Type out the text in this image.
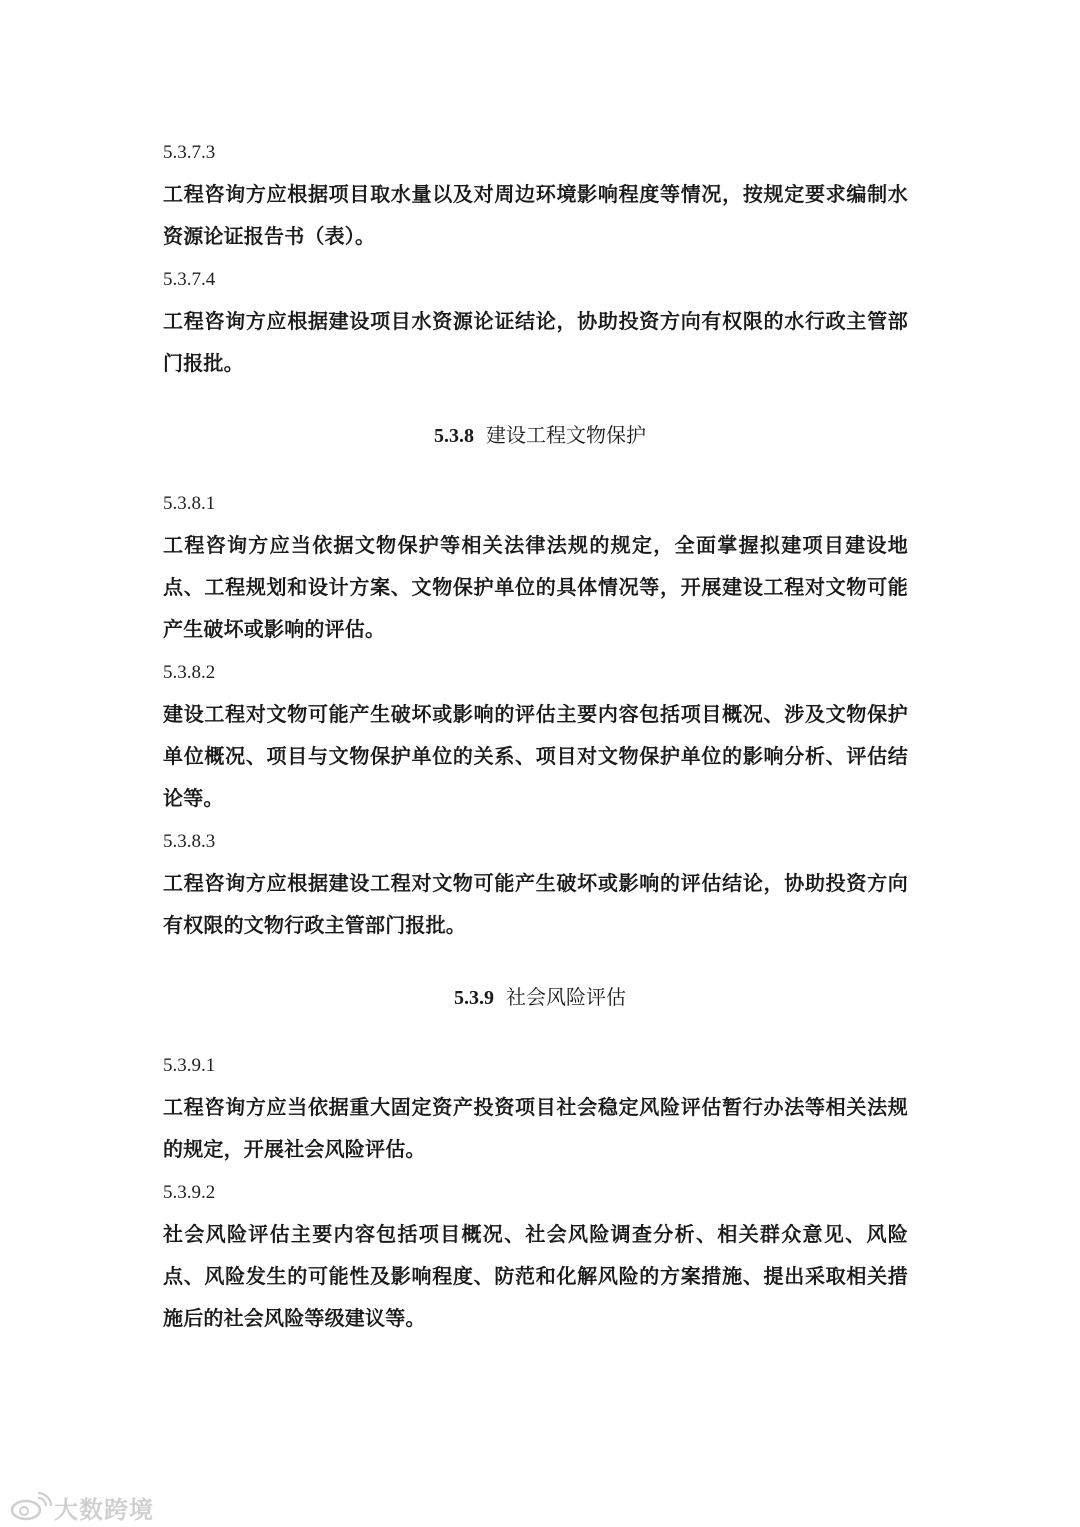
5.3.7.3
工程咨询方应根据项目取水量以及对周边环境影响程度等情况，按规定要求编制水资源论证报告书（表）。
5.3.7.4
工程咨询方应根据建设项目水资源论证结论，协助投资方向有权限的水行政主管部门报批。
5.3.8 建设工程文物保护
5.3.8.1
工程咨询方应当依据文物保护等相关法律法规的规定，全面掌握拟建项目建设地点、工程规划和设计方案、文物保护单位的具体情况等，开展建设工程对文物可能产生破坏或影响的评估。
5.3.8.2
建设工程对文物可能产生破坏或影响的评估主要内容包括项目概况、涉及文物保护单位概况、项目与文物保护单位的关系、项目对文物保护单位的影响分析、评估结论等。
5.3.8.3
工程咨询方应根据建设工程对文物可能产生破坏或影响的评估结论，协助投资方向有权限的文物行政主管部门报批。
5.3.9 社会风险评估
5.3.9.1
工程咨询方应当依据重大固定资产投资项目社会稳定风险评估暂行办法等相关法规的规定，开展社会风险评估。
5.3.9.2
社会风险评估主要内容包括项目概况、社会风险调查分析、相关群众意见、风险点、风险发生的可能性及影响程度、防范和化解风险的方案措施、提出采取相关措施后的社会风险等级建议等。
大数跨境
